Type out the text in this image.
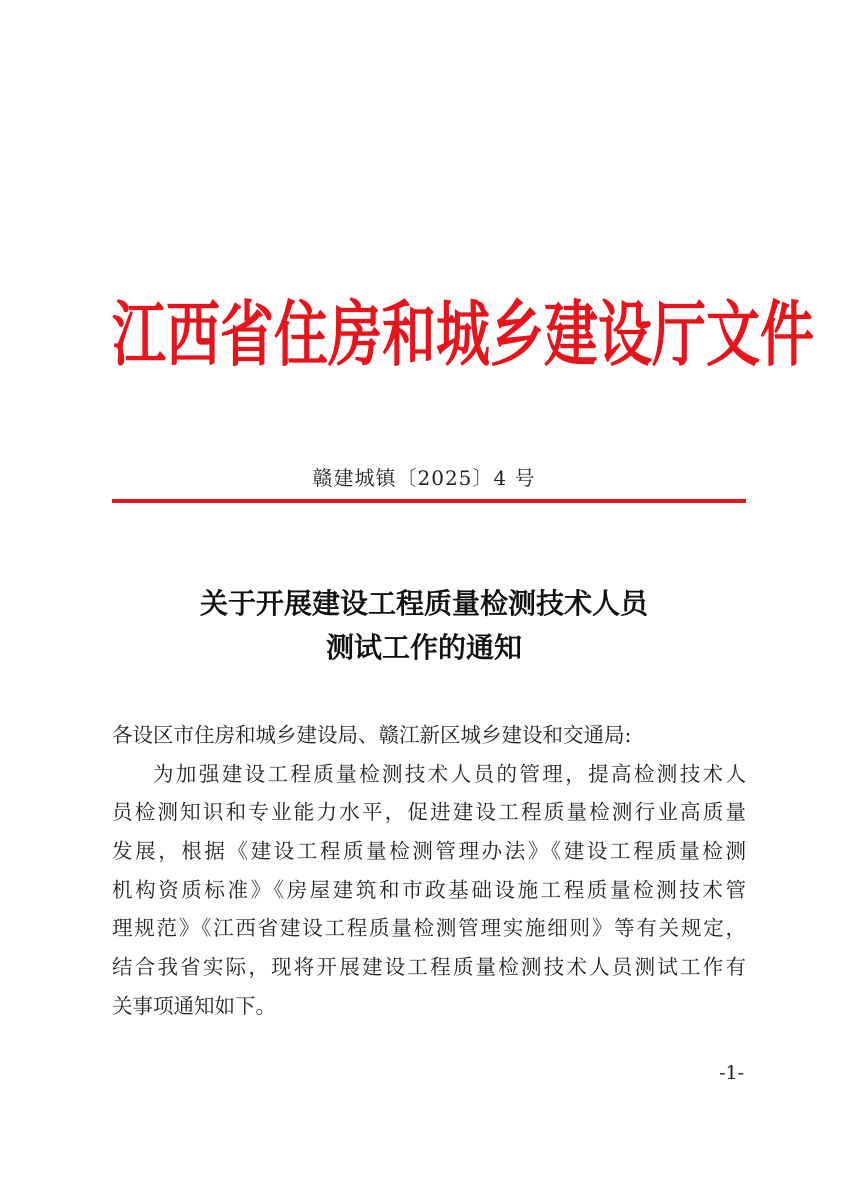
江 西 省 住 房 和 城 乡 建 设 厅 文 件
赣建城镇〔2025〕4 号
关于开展建设工程质量检测技术人员
测试工作的通知
各设区市住房和城乡建设局、赣江新区城乡建设和交通局:
为加强建设工程质量检测技术人员的管理，提高检测技术人
员检测知识和专业能力水平，促进建设工程质量检测行业高质量
发展，根据《建设工程质量检测管理办法》《建设工程质量检测
机构资质标准》《房屋建筑和市政基础设施工程质量检测技术管
理规范》《江西省建设工程质量检测管理实施细则》等有关规定，
结合我省实际，现将开展建设工程质量检测技术人员测试工作有
关事项通知如下。
-1-
